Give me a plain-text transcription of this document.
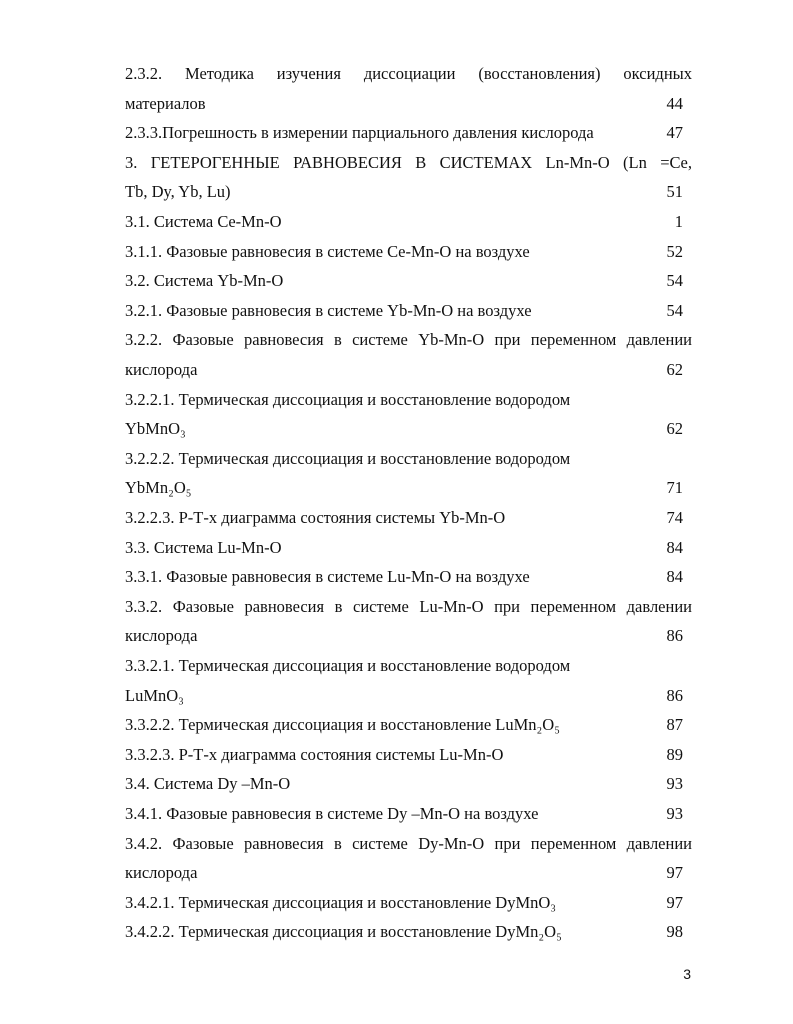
2.3.2. Методика изучения диссоциации (восстановления) оксидных
материалов	44
2.3.3.Погрешность в измерении парциального давления кислорода	47
3. ГЕТЕРОГЕННЫЕ РАВНОВЕСИЯ В СИСТЕМАХ Ln-Mn-O (Ln =Ce,
Tb, Dy, Yb, Lu)	51
3.1. Система Ce-Mn-O	1
3.1.1. Фазовые равновесия в системе Ce-Mn-O на воздухе	52
3.2. Система Yb-Mn-O	54
3.2.1. Фазовые равновесия в системе Yb-Mn-O на воздухе	54
3.2.2. Фазовые равновесия в системе Yb-Mn-O при переменном давлении
кислорода	62
3.2.2.1. Термическая диссоциация и восстановление водородом
YbMnO₃	62
3.2.2.2. Термическая диссоциация и восстановление водородом
YbMn₂O₅	71
3.2.2.3. Р-Т-х диаграмма состояния системы Yb-Mn-O	74
3.3. Система Lu-Mn-O	84
3.3.1. Фазовые равновесия в системе Lu-Mn-O на воздухе	84
3.3.2. Фазовые равновесия в системе Lu-Mn-O при переменном давлении
кислорода	86
3.3.2.1. Термическая диссоциация и восстановление водородом
LuMnO₃	86
3.3.2.2. Термическая диссоциация и восстановление LuMn₂O₅	87
3.3.2.3. Р-Т-х диаграмма состояния системы Lu-Mn-O	89
3.4. Система Dy –Mn-O	93
3.4.1. Фазовые равновесия в системе Dy –Mn-O на воздухе	93
3.4.2. Фазовые равновесия в системе Dy-Mn-O при переменном давлении
кислорода	97
3.4.2.1. Термическая диссоциация и восстановление DyMnO₃	97
3.4.2.2. Термическая диссоциация и восстановление DyMn₂O₅	98
3
